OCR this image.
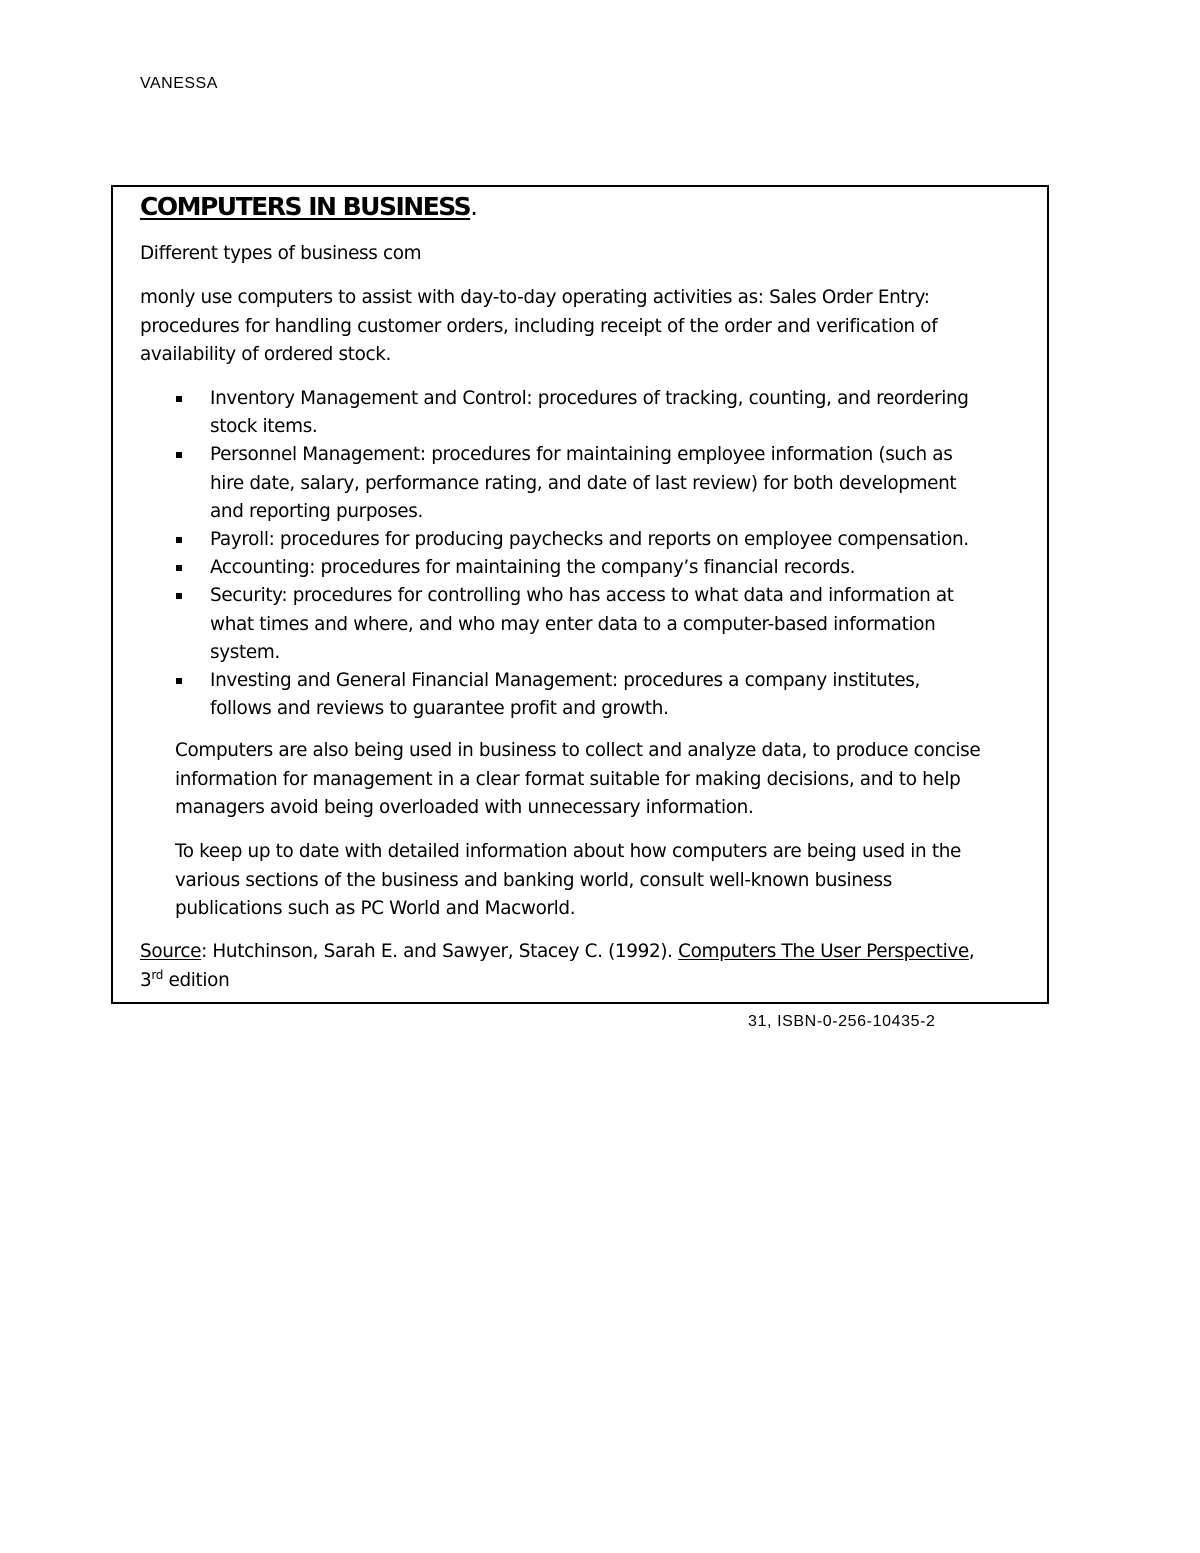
VANESSA
COMPUTERS IN BUSINESS.
Different types of business com
monly use computers to assist with day-to-day operating activities as: Sales Order Entry:
procedures for handling customer orders, including receipt of the order and verification of
availability of ordered stock.
Inventory Management and Control: procedures of tracking, counting, and reordering
stock items.
Personnel Management: procedures for maintaining employee information (such as
hire date, salary, performance rating, and date of last review) for both development
and reporting purposes.
Payroll: procedures for producing paychecks and reports on employee compensation.
Accounting: procedures for maintaining the company’s financial records.
Security: procedures for controlling who has access to what data and information at
what times and where, and who may enter data to a computer-based information
system.
Investing and General Financial Management: procedures a company institutes,
follows and reviews to guarantee profit and growth.
Computers are also being used in business to collect and analyze data, to produce concise
information for management in a clear format suitable for making decisions, and to help
managers avoid being overloaded with unnecessary information.
To keep up to date with detailed information about how computers are being used in the
various sections of the business and banking world, consult well-known business
publications such as PC World and Macworld.
Source: Hutchinson, Sarah E. and Sawyer, Stacey C. (1992). Computers The User Perspective,
3rd edition
31, ISBN-0-256-10435-2
